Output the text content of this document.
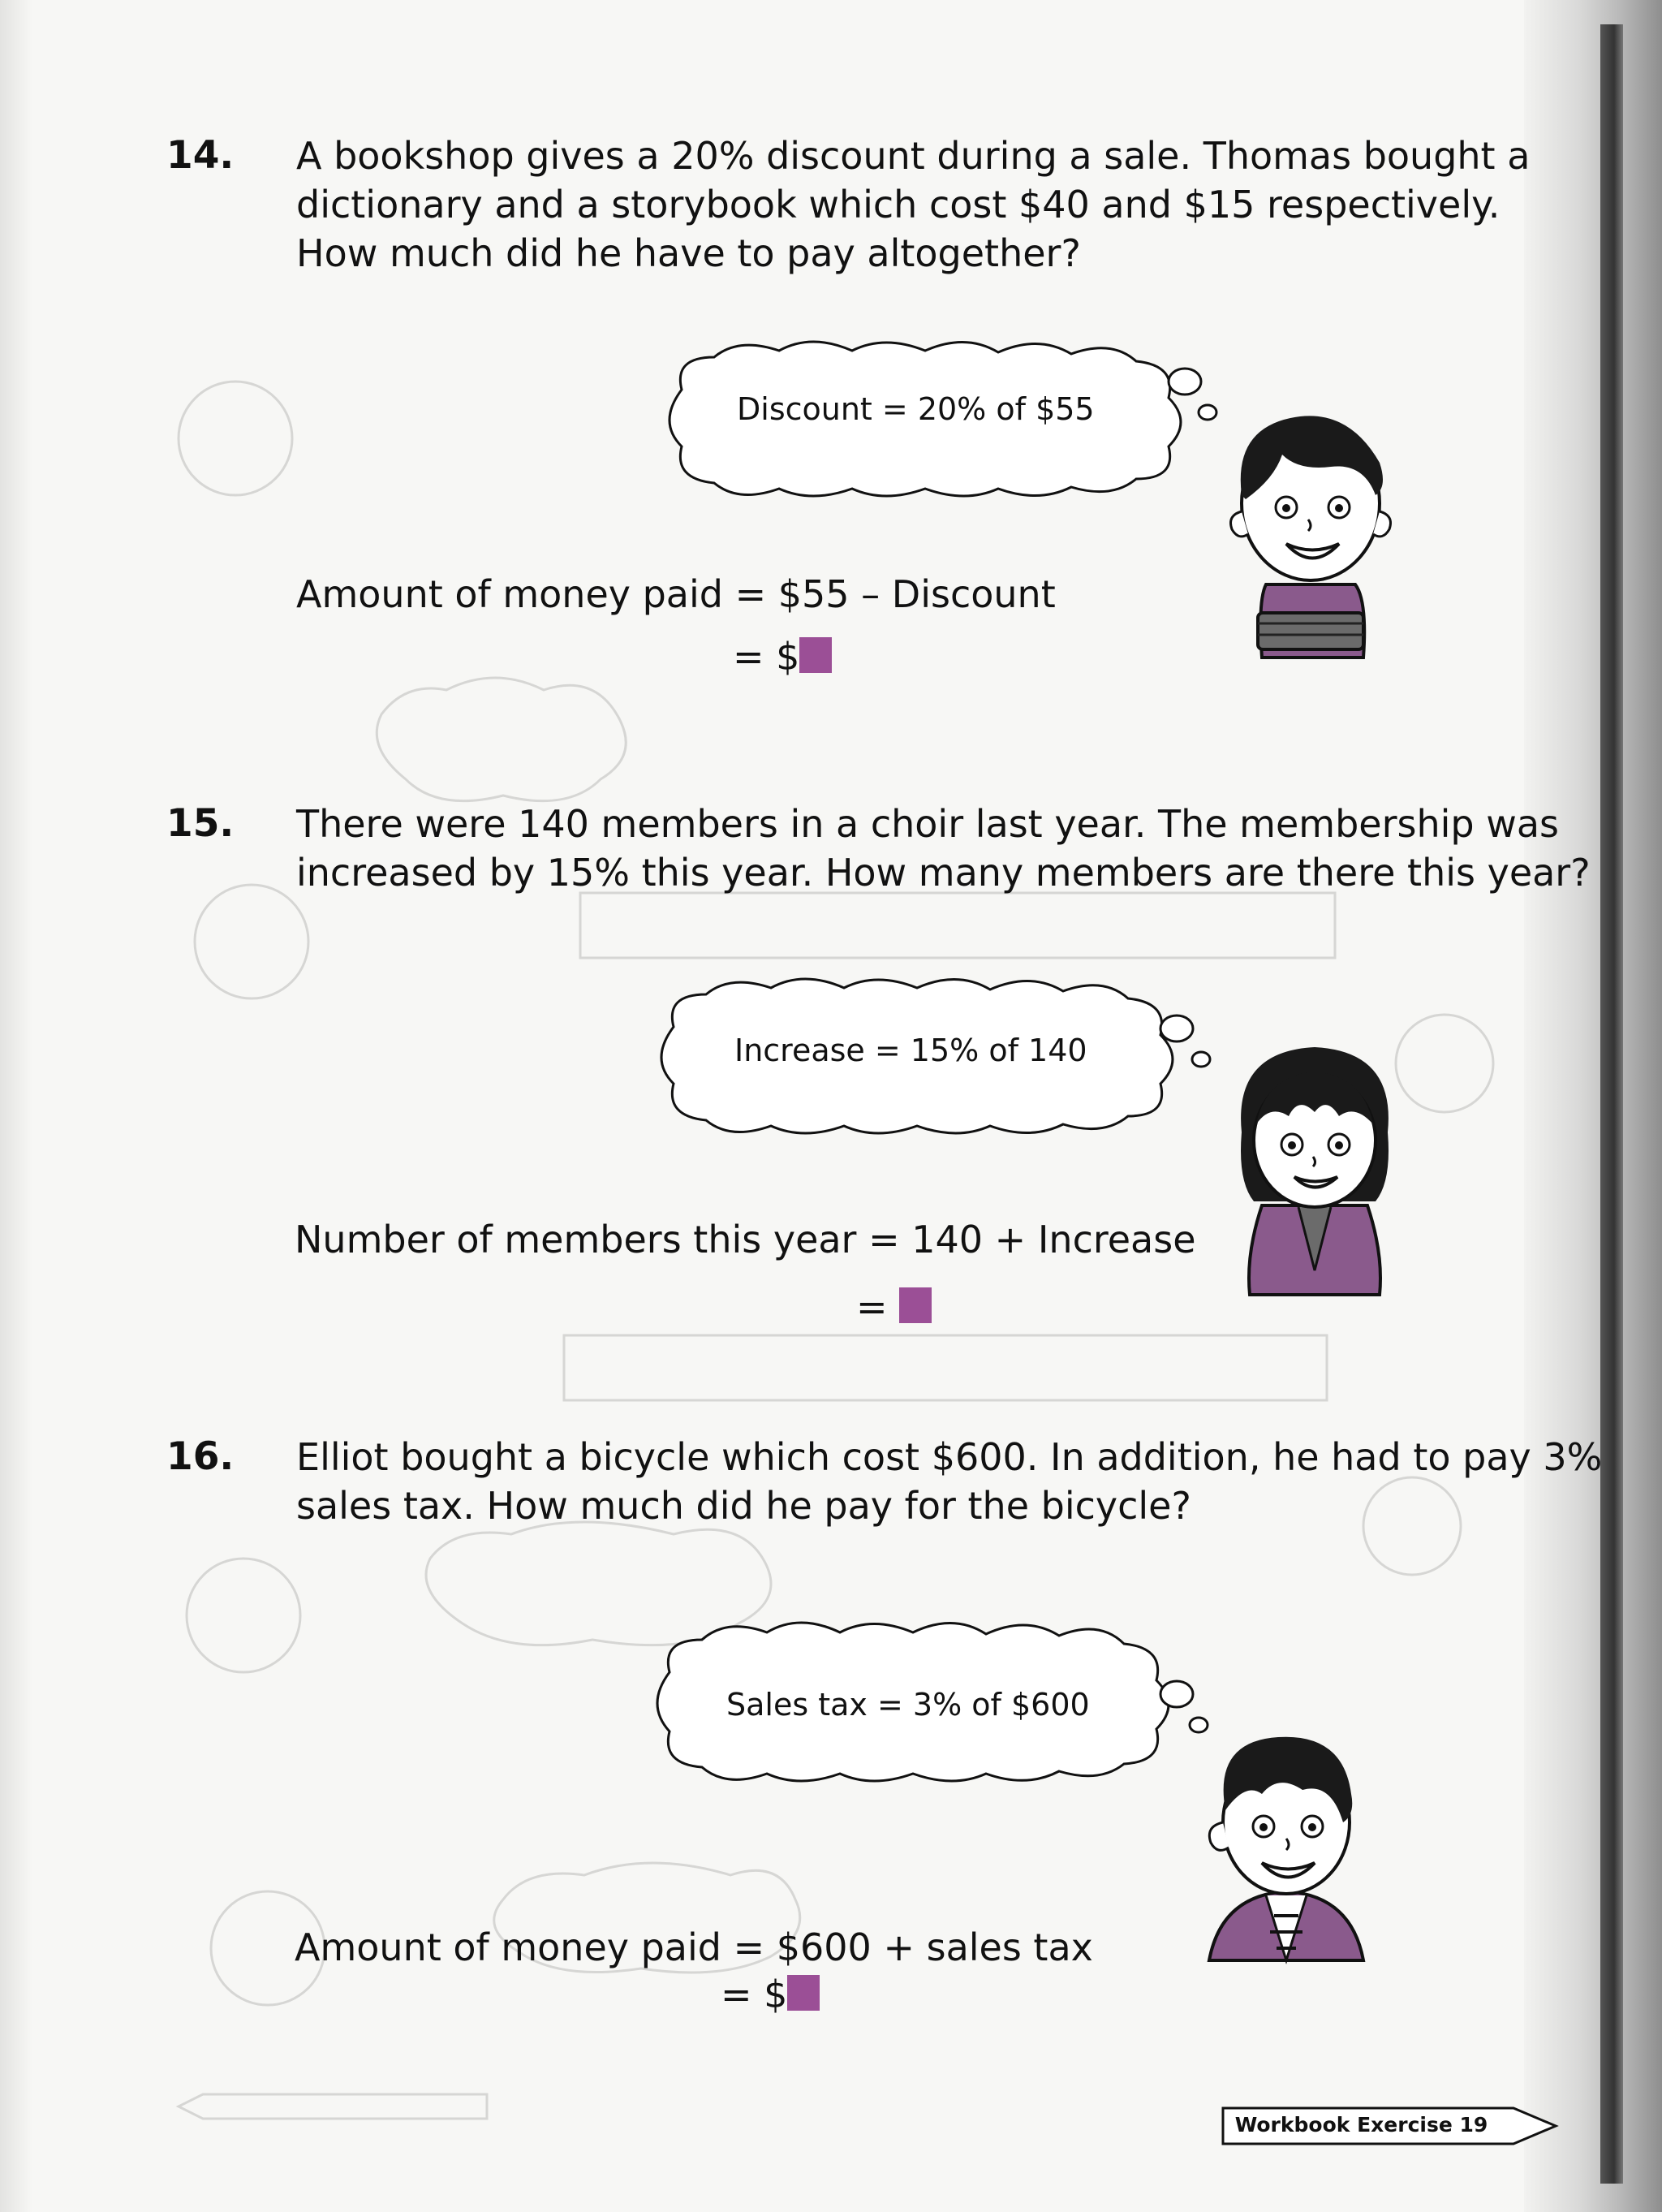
14. A bookshop gives a 20% discount during a sale. Thomas bought a
dictionary and a storybook which cost $40 and $15 respectively.
How much did he have to pay altogether?
Discount = 20% of $55
Amount of money paid = $55 – Discount
= $
15. There were 140 members in a choir last year. The membership was
increased by 15% this year. How many members are there this year?
Increase = 15% of 140
Number of members this year = 140 + Increase
=
16. Elliot bought a bicycle which cost $600. In addition, he had to pay 3%
sales tax. How much did he pay for the bicycle?
Sales tax = 3% of $600
Amount of money paid = $600 + sales tax
= $
Workbook Exercise 19
